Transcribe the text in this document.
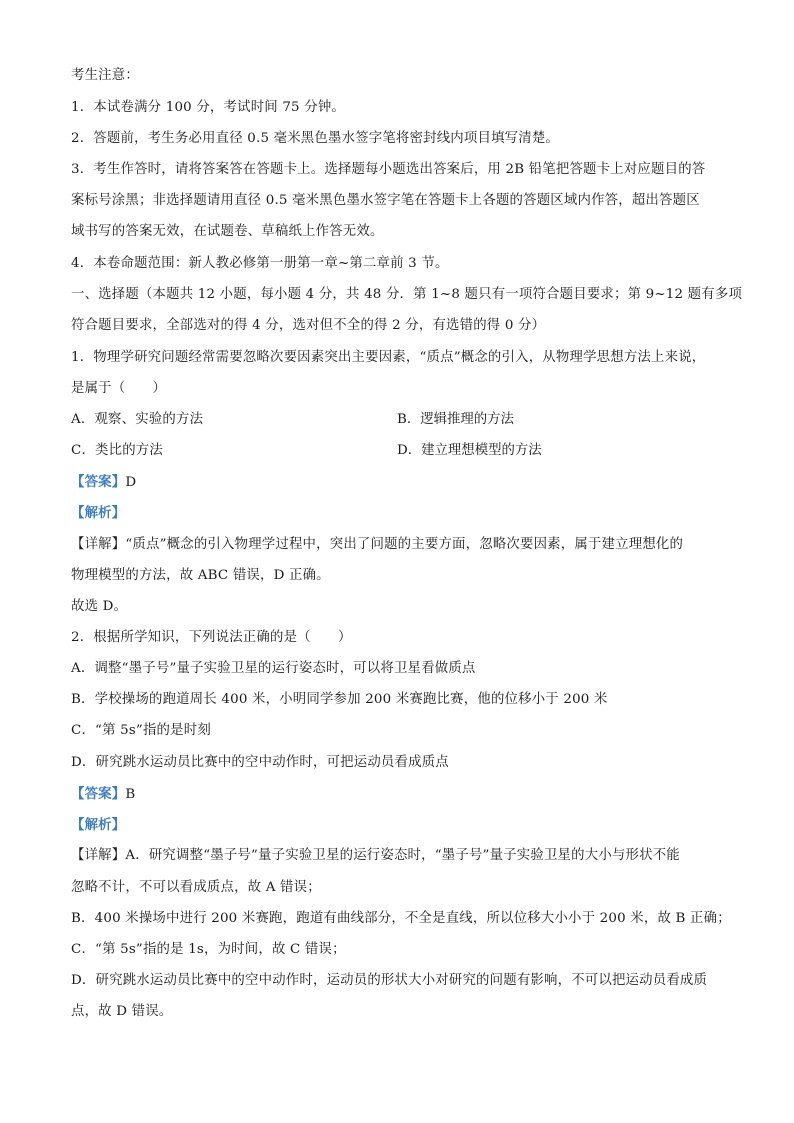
考生注意：
1．本试卷满分 100 分，考试时间 75 分钟。
2．答题前，考生务必用直径 0.5 毫米黑色墨水签字笔将密封线内项目填写清楚。
3．考生作答时，请将答案答在答题卡上。选择题每小题选出答案后，用 2B 铅笔把答题卡上对应题目的答
案标号涂黑；非选择题请用直径 0.5 毫米黑色墨水签字笔在答题卡上各题的答题区域内作答，超出答题区
域书写的答案无效，在试题卷、草稿纸上作答无效。
4．本卷命题范围：新人教必修第一册第一章~第二章前 3 节。
一、选择题（本题共 12 小题，每小题 4 分，共 48 分．第 1~8 题只有一项符合题目要求；第 9~12 题有多项
符合题目要求，全部选对的得 4 分，选对但不全的得 2 分，有选错的得 0 分）
1．物理学研究问题经常需要忽略次要因素突出主要因素，“质点”概念的引入，从物理学思想方法上来说，
是属于（　　）
A．观察、实验的方法	B．逻辑推理的方法
C．类比的方法	D．建立理想模型的方法
【答案】D
【解析】
【详解】“质点”概念的引入物理学过程中，突出了问题的主要方面，忽略次要因素，属于建立理想化的
物理模型的方法，故 ABC 错误，D 正确。
故选 D。
2．根据所学知识，下列说法正确的是（　　）
A．调整“墨子号”量子实验卫星的运行姿态时，可以将卫星看做质点
B．学校操场的跑道周长 400 米，小明同学参加 200 米赛跑比赛，他的位移小于 200 米
C．“第 5s”指的是时刻
D．研究跳水运动员比赛中的空中动作时，可把运动员看成质点
【答案】B
【解析】
【详解】A．研究调整“墨子号”量子实验卫星的运行姿态时，“墨子号”量子实验卫星的大小与形状不能
忽略不计，不可以看成质点，故 A 错误；
B．400 米操场中进行 200 米赛跑，跑道有曲线部分，不全是直线，所以位移大小小于 200 米，故 B 正确；
C．“第 5s”指的是 1s，为时间，故 C 错误；
D．研究跳水运动员比赛中的空中动作时，运动员的形状大小对研究的问题有影响，不可以把运动员看成质
点，故 D 错误。
